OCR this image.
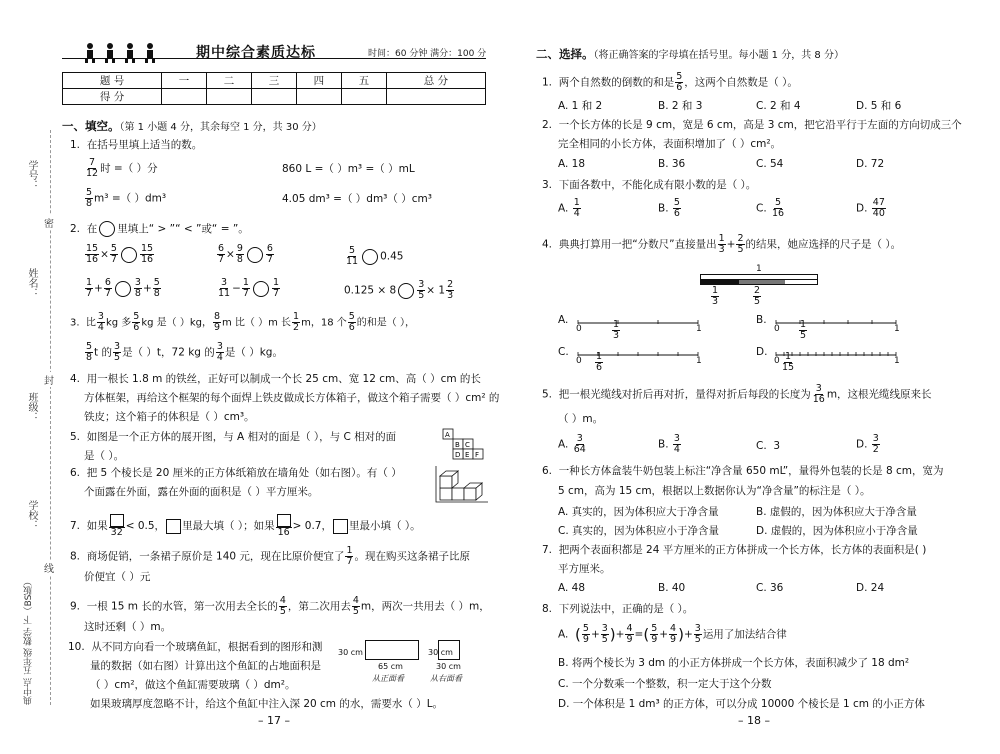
学号：
密
姓名：
封
班级：
学校：
线
典中点 五年级 数学 下（BS版）
期中综合素质达标	时间：60 分钟 满分：100 分
题 号	一	二	三	四	五	总 分
得 分						
一、填空。（第 1 小题 4 分，其余每空 1 分，共 30 分）
1. 在括号里填上适当的数。
$\frac{7}{12}$ 时 =（ ）分	860 L =（ ）m³ =（ ）mL
$\frac{5}{8} m^3$ =（ ）dm³	4.05 dm³ =（ ）dm³（ ）cm³
2. 在 里填上“ > ”“ < ”或“ = ”。
$\frac{15}{16} \times \frac{5}{7} \frac{15}{16}$	$\frac{6}{7} \times \frac{9}{8} \frac{6}{7}$	$\frac{5}{11} 0.45$
$\frac{1}{7} + \frac{6}{7} \frac{3}{8} + \frac{5}{8}$	$\frac{3}{11} - \frac{1}{7} \frac{1}{7}$	$0.125 \times 8 \frac{3}{5} \times 1 \frac{2}{3}$
3. 比 $\frac{3}{4}$ kg 多 $\frac{5}{6}$ kg 是（ ）kg， $\frac{8}{9}$ m 比（ ）m 长 $\frac{1}{2}$ m，18 个 $\frac{5}{6}$ 的和是（ ），
$\frac{5}{8}$ t 的 $\frac{3}{5}$ 是（ ）t，72 kg 的 $\frac{3}{4}$ 是（ ）kg。
4. 用一根长 1.8 m 的铁丝，正好可以制成一个长 25 cm、宽 12 cm、高（ ）cm 的长
方体框架，再给这个框架的每个面焊上铁皮做成长方体箱子，做这个箱子需要（ ）cm² 的
铁皮；这个箱子的体积是（ ）cm³。
5. 如图是一个正方体的展开图，与 A 相对的面是（ ），与 C 相对的面
是（ ）。
A
B C
D E F
6. 把 5 个棱长是 20 厘米的正方体纸箱放在墙角处（如右图）。有（ ）
个面露在外面，露在外面的面积是（ ）平方厘米。
7. 如果
32
< 0.5， 里最大填（ ）；如果
16
> 0.7， 里最小填（ ）。
8. 商场促销，一条裙子原价是 140 元，现在比原价便宜了 $\frac{1}{7}$ 。现在购买这条裙子比原
价便宜（ ）元
9. 一根 15 m 长的水管，第一次用去全长的 $\frac{4}{5}$ ，第二次用去 $\frac{4}{5}$ m，两次一共用去（ ）m，
这时还剩（ ）m。
10. 从不同方向看一个玻璃鱼缸，根据看到的图形和测
量的数据（如右图）计算出这个鱼缸的占地面积是
（ ）cm²，做这个鱼缸需要玻璃（ ）dm²。
如果玻璃厚度忽略不计，给这个鱼缸中注入深 20 cm 的水，需要水（ ）L。
30 cm
65 cm
从正面看
30 cm
30 cm
从右面看
– 17 –
二、选择。（将正确答案的字母填在括号里。每小题 1 分，共 8 分）
1. 两个自然数的倒数的和是 $\frac{5}{6}$ ，这两个自然数是（ ）。
A. 1 和 2	B. 2 和 3	C. 2 和 4	D. 5 和 6
2. 一个长方体的长是 9 cm，宽是 6 cm，高是 3 cm，把它沿平行于左面的方向切成三个
完全相同的小长方体，表面积增加了（ ）cm²。
A. 18	B. 36	C. 54	D. 72
3. 下面各数中，不能化成有限小数的是（ ）。
A. $\frac{1}{4}$	B. $\frac{5}{6}$	C. $\frac{5}{16}$	D. $\frac{47}{40}$
4. 典典打算用一把“分数尺”直接量出 $\frac{1}{3} + \frac{2}{5}$ 的结果，她应选择的尺子是（ ）。
1
$\frac{1}{3}$	$\frac{2}{5}$
A.
0	$\frac{1}{3}$	1
B.
$0 \frac{1}{5}$	1
C.
$0 \frac{1}{6}$	1
D.
$0 \frac{1}{15}$	1
5. 把一根光缆线对折后再对折，量得对折后每段的长度为 $\frac{3}{16}$ m，这根光缆线原来长
（ ）m。
A. $\frac{3}{64}$	B. $\frac{3}{4}$	C. 3	D. $\frac{3}{2}$
6. 一种长方体盒装牛奶包装上标注“净含量 650 mL”，量得外包装的长是 8 cm，宽为
5 cm，高为 15 cm，根据以上数据你认为“净含量”的标注是（ ）。
A. 真实的，因为体积应大于净含量	B. 虚假的，因为体积应大于净含量
C. 真实的，因为体积应小于净含量	D. 虚假的，因为体积应小于净含量
7. 把两个表面积都是 24 平方厘米的正方体拼成一个长方体，长方体的表面积是( )
平方厘米。
A. 48	B. 40	C. 36	D. 24
8. 下列说法中，正确的是（ ）。
A. ( $\frac{5}{9} + \frac{3}{5}$ )+ $\frac{4}{9}$ =( $\frac{5}{9} + \frac{4}{9}$ )+ $\frac{3}{5}$ 运用了加法结合律
B. 将两个棱长为 3 dm 的小正方体拼成一个长方体，表面积减少了 18 dm²
C. 一个分数乘一个整数，积一定大于这个分数
D. 一个体积是 1 dm³ 的正方体，可以分成 10000 个棱长是 1 cm 的小正方体
– 18 –
